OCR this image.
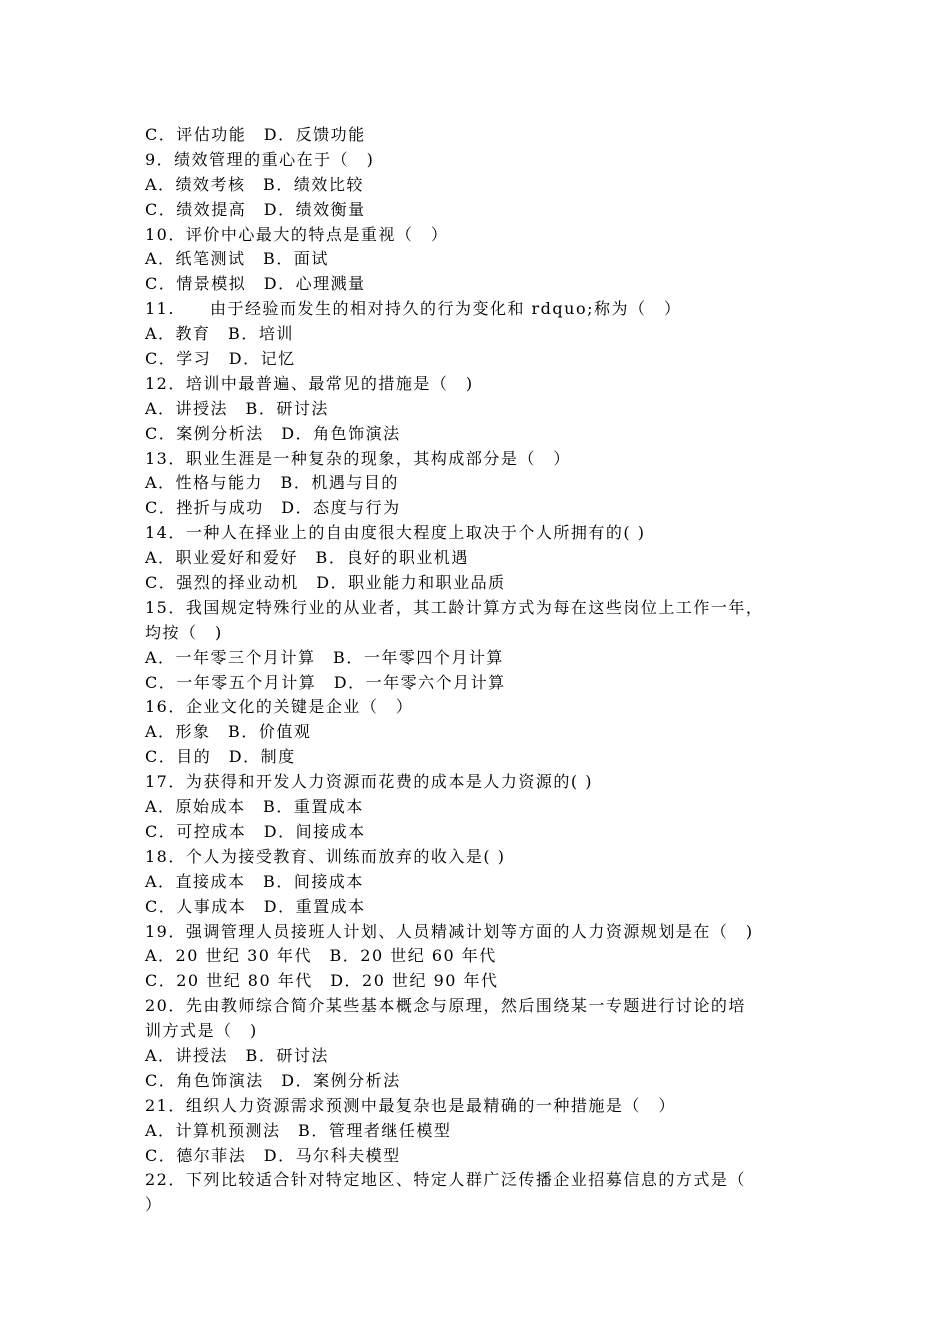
C．评估功能　D．反馈功能
9．绩效管理的重心在于（　)
A．绩效考核　B．绩效比较
C．绩效提高　D．绩效衡量
10．评价中心最大的特点是重视（　）
A．纸笔测试　B．面试
C．情景模拟　D．心理溅量
11.　　由于经验而发生的相对持久的行为变化和 rdquo;称为（　）
A．教育　B．培训
C．学习　D．记忆
12．培训中最普遍、最常见的措施是（　)
A．讲授法　B．研讨法
C．案例分析法　D．角色饰演法
13．职业生涯是一种复杂的现象，其构成部分是（　）
A．性格与能力　B．机遇与目的
C．挫折与成功　D．态度与行为
14．一种人在择业上的自由度很大程度上取决于个人所拥有的( )
A．职业爱好和爱好　B．良好的职业机遇
C．强烈的择业动机　D．职业能力和职业品质
15．我国规定特殊行业的从业者，其工龄计算方式为每在这些岗位上工作一年，
均按（　)
A．一年零三个月计算　B．一年零四个月计算
C．一年零五个月计算　D．一年零六个月计算
16．企业文化的关键是企业（　）
A．形象　B．价值观
C．目的　D．制度
17．为获得和开发人力资源而花费的成本是人力资源的( )
A．原始成本　B．重置成本
C．可控成本　D．间接成本
18．个人为接受教育、训练而放弃的收入是( )
A．直接成本　B．间接成本
C．人事成本　D．重置成本
19．强调管理人员接班人计划、人员精减计划等方面的人力资源规划是在（　)
A．20 世纪 30 年代　B．20 世纪 60 年代
C．20 世纪 80 年代　D．20 世纪 90 年代
20．先由教师综合简介某些基本概念与原理，然后围绕某一专题进行讨论的培
训方式是（　)
A．讲授法　B．研讨法
C．角色饰演法　D．案例分析法
21．组织人力资源需求预测中最复杂也是最精确的一种措施是（　）
A．计算机预测法　B．管理者继任模型
C．德尔菲法　D．马尔科夫模型
22．下列比较适合针对特定地区、特定人群广泛传播企业招募信息的方式是（
）
